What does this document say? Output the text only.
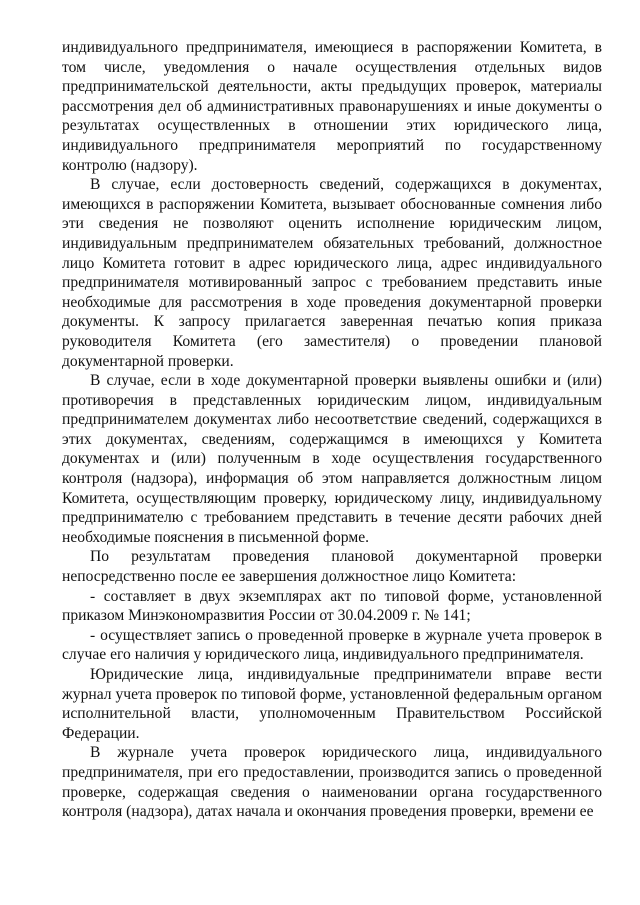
индивидуального предпринимателя, имеющиеся в распоряжении Комитета, в том числе, уведомления о начале осуществления отдельных видов предпринимательской деятельности, акты предыдущих проверок, материалы рассмотрения дел об административных правонарушениях и иные документы о результатах осуществленных в отношении этих юридического лица, индивидуального предпринимателя мероприятий по государственному контролю (надзору).

В случае, если достоверность сведений, содержащихся в документах, имеющихся в распоряжении Комитета, вызывает обоснованные сомнения либо эти сведения не позволяют оценить исполнение юридическим лицом, индивидуальным предпринимателем обязательных требований, должностное лицо Комитета готовит в адрес юридического лица, адрес индивидуального предпринимателя мотивированный запрос с требованием представить иные необходимые для рассмотрения в ходе проведения документарной проверки документы. К запросу прилагается заверенная печатью копия приказа руководителя Комитета (его заместителя) о проведении плановой документарной проверки.

В случае, если в ходе документарной проверки выявлены ошибки и (или) противоречия в представленных юридическим лицом, индивидуальным предпринимателем документах либо несоответствие сведений, содержащихся в этих документах, сведениям, содержащимся в имеющихся у Комитета документах и (или) полученным в ходе осуществления государственного контроля (надзора), информация об этом направляется должностным лицом Комитета, осуществляющим проверку, юридическому лицу, индивидуальному предпринимателю с требованием представить в течение десяти рабочих дней необходимые пояснения в письменной форме.

По результатам проведения плановой документарной проверки непосредственно после ее завершения должностное лицо Комитета:

- составляет в двух экземплярах акт по типовой форме, установленной приказом Минэкономразвития России от 30.04.2009 г. № 141;

- осуществляет запись о проведенной проверке в журнале учета проверок в случае его наличия у юридического лица, индивидуального предпринимателя.

Юридические лица, индивидуальные предприниматели вправе вести журнал учета проверок по типовой форме, установленной федеральным органом исполнительной власти, уполномоченным Правительством Российской Федерации.

В журнале учета проверок юридического лица, индивидуального предпринимателя, при его предоставлении, производится запись о проведенной проверке, содержащая сведения о наименовании органа государственного контроля (надзора), датах начала и окончания проведения проверки, времени ее
